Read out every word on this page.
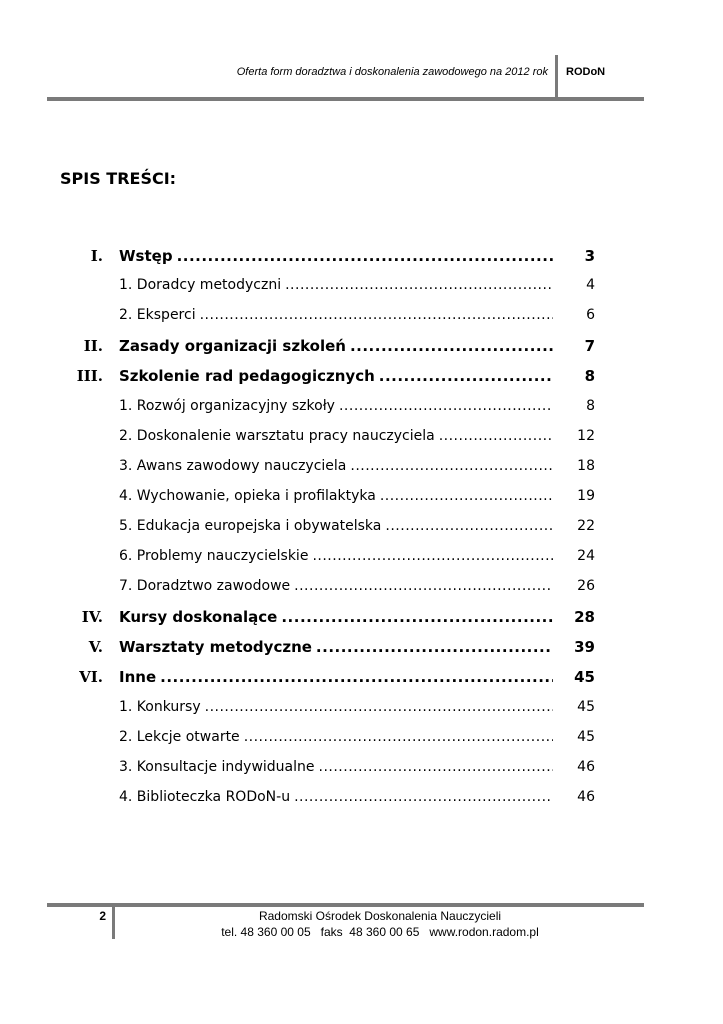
Oferta form doradztwa i doskonalenia zawodowego na 2012 rok RODoN
SPIS TREŚCI:
I. Wstęp .....	3
1. Doradcy metodyczni .....	4
2. Eksperci .....	6
II. Zasady organizacji szkoleń .....	7
III. Szkolenie rad pedagogicznych .....	8
1. Rozwój organizacyjny szkoły .....	8
2. Doskonalenie warsztatu pracy nauczyciela .....	12
3. Awans zawodowy nauczyciela .....	18
4. Wychowanie, opieka i profilaktyka .....	19
5. Edukacja europejska i obywatelska .....	22
6. Problemy nauczycielskie .....	24
7. Doradztwo zawodowe .....	26
IV. Kursy doskonalące .....	28
V. Warsztaty metodyczne .....	39
VI. Inne .....	45
1. Konkursy .....	45
2. Lekcje otwarte .....	45
3. Konsultacje indywidualne .....	46
4. Biblioteczka RODoN-u .....	46
2	Radomski Ośrodek Doskonalenia Nauczycieli
tel. 48 360 00 05   faks  48 360 00 65   www.rodon.radom.pl
